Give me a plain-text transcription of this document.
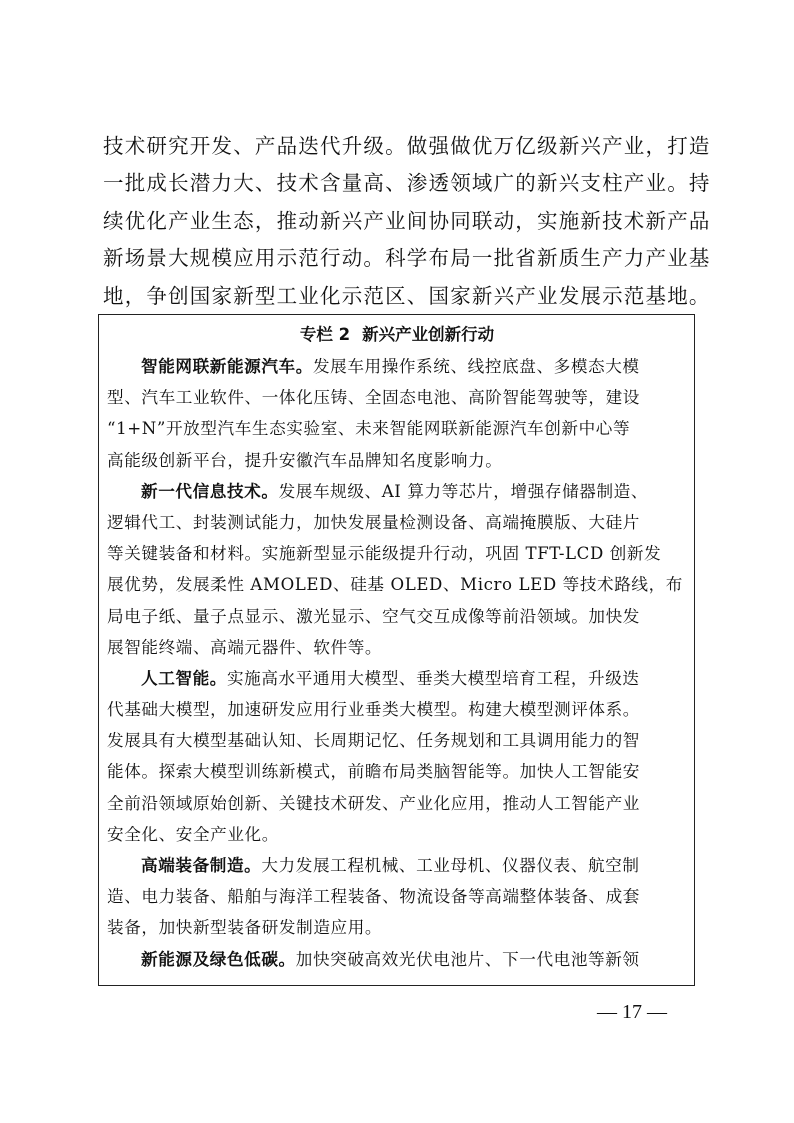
技术研究开发、产品迭代升级。做强做优万亿级新兴产业，打造
一批成长潜力大、技术含量高、渗透领域广的新兴支柱产业。持
续优化产业生态，推动新兴产业间协同联动，实施新技术新产品
新场景大规模应用示范行动。科学布局一批省新质生产力产业基
地，争创国家新型工业化示范区、国家新兴产业发展示范基地。
专栏 2 新兴产业创新行动
智能网联新能源汽车。发展车用操作系统、线控底盘、多模态大模
型、汽车工业软件、一体化压铸、全固态电池、高阶智能驾驶等，建设
“1+N”开放型汽车生态实验室、未来智能网联新能源汽车创新中心等
高能级创新平台，提升安徽汽车品牌知名度影响力。
新一代信息技术。发展车规级、AI 算力等芯片，增强存储器制造、
逻辑代工、封装测试能力，加快发展量检测设备、高端掩膜版、大硅片
等关键装备和材料。实施新型显示能级提升行动，巩固 TFT-LCD 创新发
展优势，发展柔性 AMOLED、硅基 OLED、Micro LED 等技术路线，布
局电子纸、量子点显示、激光显示、空气交互成像等前沿领域。加快发
展智能终端、高端元器件、软件等。
人工智能。实施高水平通用大模型、垂类大模型培育工程，升级迭
代基础大模型，加速研发应用行业垂类大模型。构建大模型测评体系。
发展具有大模型基础认知、长周期记忆、任务规划和工具调用能力的智
能体。探索大模型训练新模式，前瞻布局类脑智能等。加快人工智能安
全前沿领域原始创新、关键技术研发、产业化应用，推动人工智能产业
安全化、安全产业化。
高端装备制造。大力发展工程机械、工业母机、仪器仪表、航空制
造、电力装备、船舶与海洋工程装备、物流设备等高端整体装备、成套
装备，加快新型装备研发制造应用。
新能源及绿色低碳。加快突破高效光伏电池片、下一代电池等新领
— 17 —
